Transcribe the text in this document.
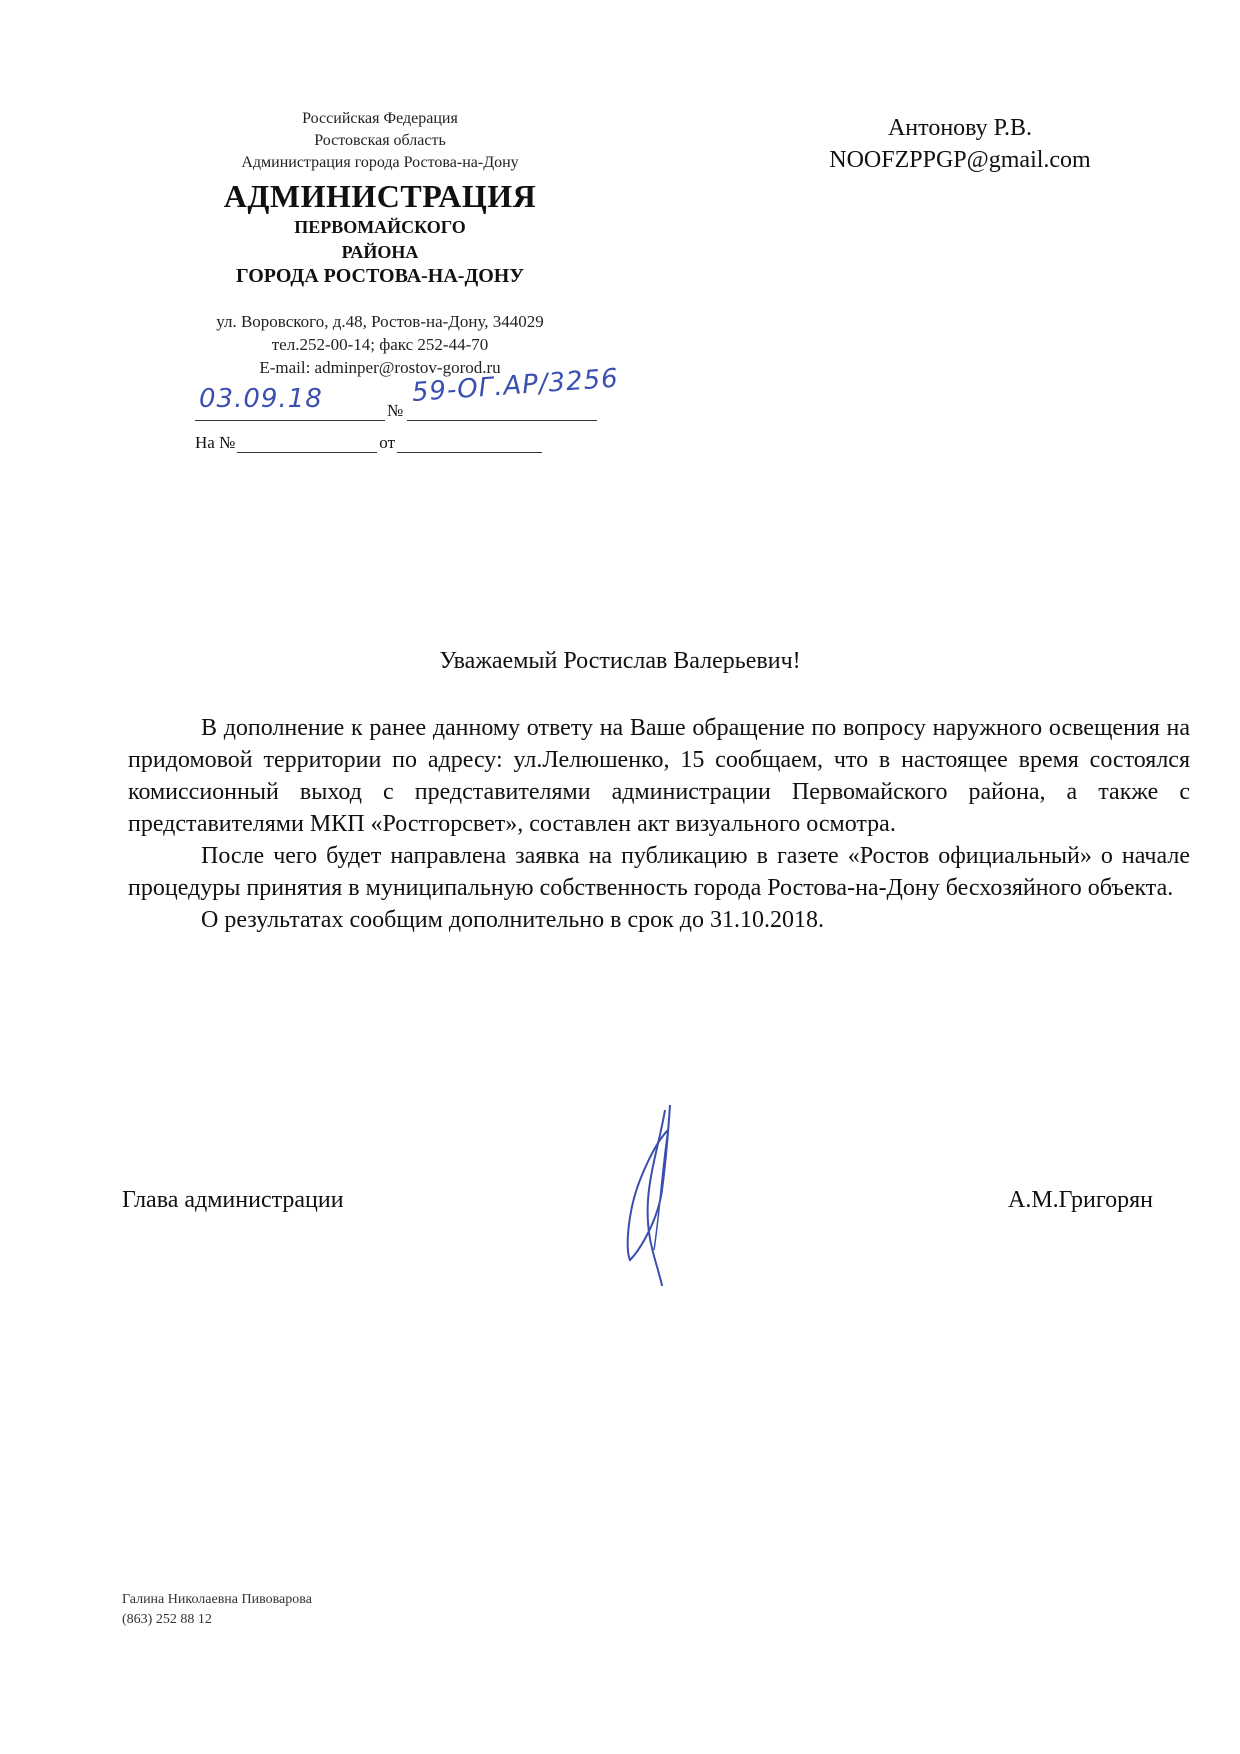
Российская Федерация
Ростовская область
Администрация города Ростова-на-Дону
АДМИНИСТРАЦИЯ
ПЕРВОМАЙСКОГО
РАЙОНА
ГОРОДА РОСТОВА-НА-ДОНУ
ул. Воровского, д.48, Ростов-на-Дону, 344029
тел.252-00-14; факс 252-44-70
E-mail: adminper@rostov-gorod.ru
Антонову Р.В.
NOOFZPPGP@gmail.com
03.09.18	№
59-ОГ.АР/3256
На №	от
Уважаемый Ростислав Валерьевич!

В дополнение к ранее данному ответу на Ваше обращение по вопросу наружного освещения на придомовой территории по адресу: ул.Лелюшенко, 15 сообщаем, что в настоящее время состоялся комиссионный выход с представителями администрации Первомайского района, а также с представителями МКП «Ростгорсвет», составлен акт визуального осмотра.

После чего будет направлена заявка на публикацию в газете «Ростов официальный» о начале процедуры принятия в муниципальную собственность города Ростова-на-Дону бесхозяйного объекта.

О результатах сообщим дополнительно в срок до 31.10.2018.

Глава администрации	А.М.Григорян
Галина Николаевна Пивоварова
(863) 252 88 12
